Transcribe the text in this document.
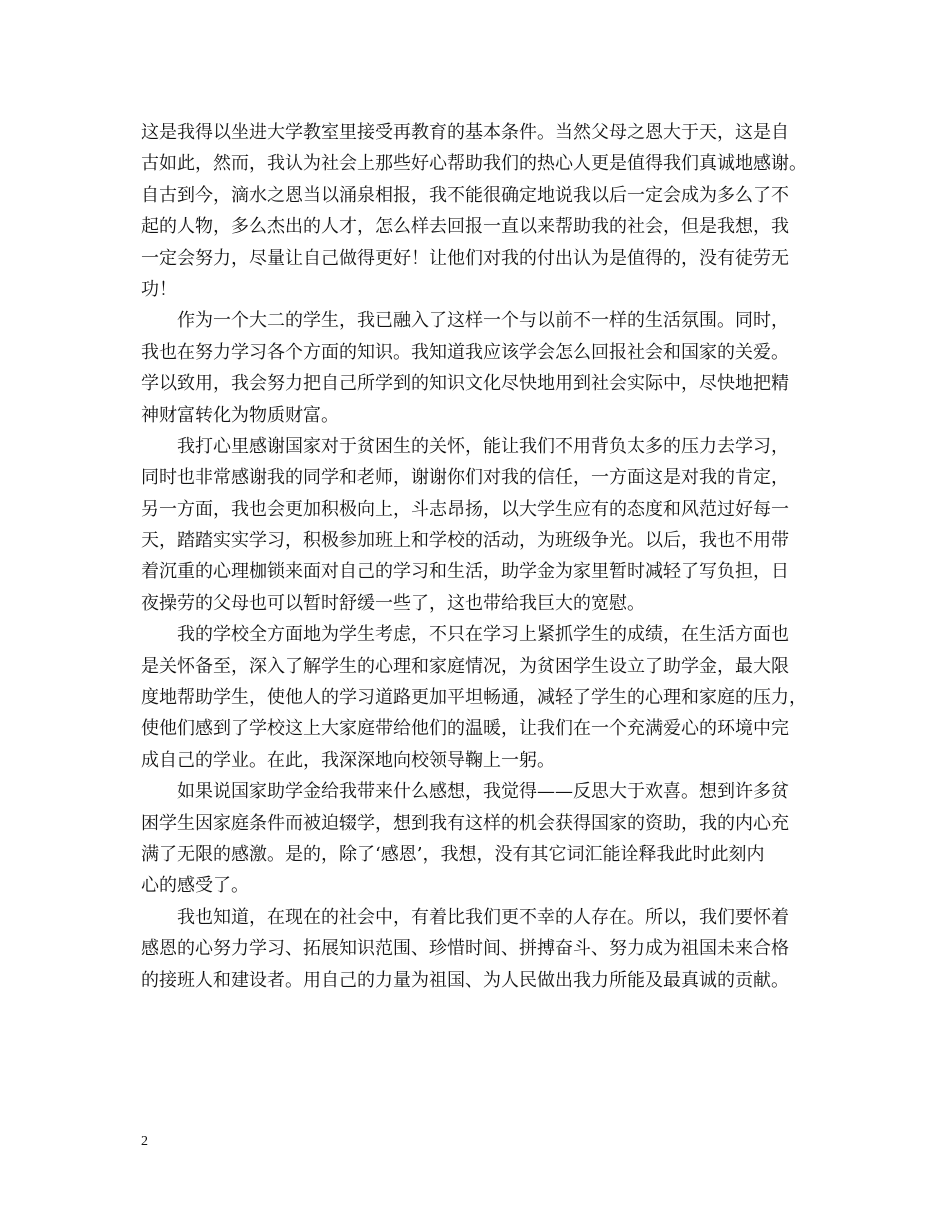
这是我得以坐进大学教室里接受再教育的基本条件。当然父母之恩大于天，这是自
古如此，然而，我认为社会上那些好心帮助我们的热心人更是值得我们真诚地感谢。
自古到今，滴水之恩当以涌泉相报，我不能很确定地说我以后一定会成为多么了不
起的人物，多么杰出的人才，怎么样去回报一直以来帮助我的社会，但是我想，我
一定会努力，尽量让自己做得更好！让他们对我的付出认为是值得的，没有徒劳无
功！
　　作为一个大二的学生，我已融入了这样一个与以前不一样的生活氛围。同时，
我也在努力学习各个方面的知识。我知道我应该学会怎么回报社会和国家的关爱。
学以致用，我会努力把自己所学到的知识文化尽快地用到社会实际中，尽快地把精
神财富转化为物质财富。
　　我打心里感谢国家对于贫困生的关怀，能让我们不用背负太多的压力去学习，
同时也非常感谢我的同学和老师，谢谢你们对我的信任，一方面这是对我的肯定，
另一方面，我也会更加积极向上，斗志昂扬，以大学生应有的态度和风范过好每一
天，踏踏实实学习，积极参加班上和学校的活动，为班级争光。以后，我也不用带
着沉重的心理枷锁来面对自己的学习和生活，助学金为家里暂时减轻了写负担，日
夜操劳的父母也可以暂时舒缓一些了，这也带给我巨大的宽慰。
　　我的学校全方面地为学生考虑，不只在学习上紧抓学生的成绩，在生活方面也
是关怀备至，深入了解学生的心理和家庭情况，为贫困学生设立了助学金，最大限
度地帮助学生，使他人的学习道路更加平坦畅通，减轻了学生的心理和家庭的压力，
使他们感到了学校这上大家庭带给他们的温暖，让我们在一个充满爱心的环境中完
成自己的学业。在此，我深深地向校领导鞠上一躬。
　　如果说国家助学金给我带来什么感想，我觉得——反思大于欢喜。想到许多贫
困学生因家庭条件而被迫辍学，想到我有这样的机会获得国家的资助，我的内心充
满了无限的感激。是的，除了‘感恩’，我想，没有其它词汇能诠释我此时此刻内
心的感受了。
　　我也知道，在现在的社会中，有着比我们更不幸的人存在。所以，我们要怀着
感恩的心努力学习、拓展知识范围、珍惜时间、拼搏奋斗、努力成为祖国未来合格
的接班人和建设者。用自己的力量为祖国、为人民做出我力所能及最真诚的贡献。
2
